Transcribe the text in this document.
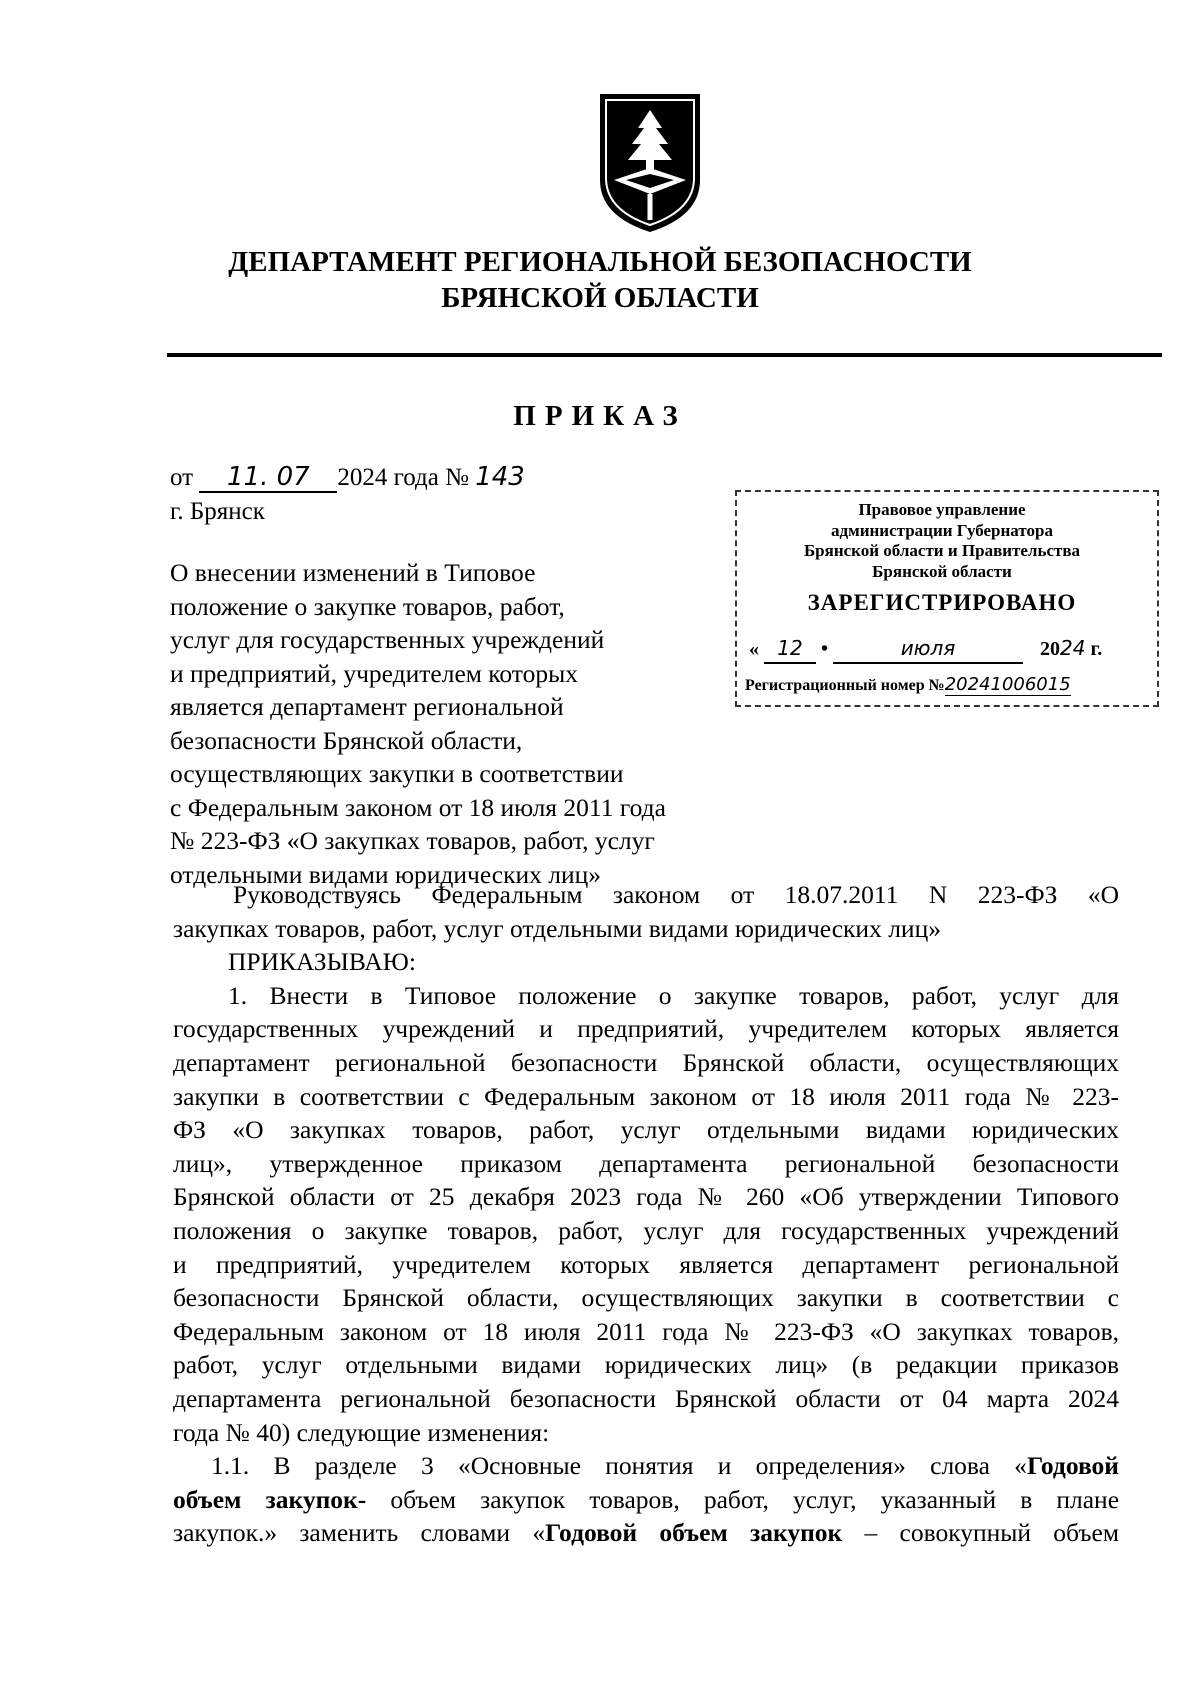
ДЕПАРТАМЕНТ РЕГИОНАЛЬНОЙ БЕЗОПАСНОСТИ
БРЯНСКОЙ ОБЛАСТИ
ПРИКАЗ
от 11. 07 2024 года № 143
г. Брянск
О внесении изменений в Типовое
положение о закупке товаров, работ,
услуг для государственных учреждений
и предприятий, учредителем которых
является департамент региональной
безопасности Брянской области,
осуществляющих закупки в соответствии
с Федеральным законом от 18 июля 2011 года
№ 223-ФЗ «О закупках товаров, работ, услуг
отдельными видами юридических лиц»
Правовое управление
администрации Губернатора
Брянской области и Правительства
Брянской области
ЗАРЕГИСТРИРОВАНО
« 12 •	июля	2024 г.
Регистрационный номер №20241006015
Руководствуясь Федеральным законом от 18.07.2011 N 223-ФЗ «О
закупках товаров, работ, услуг отдельными видами юридических лиц»
ПРИКАЗЫВАЮ:
1. Внести в Типовое положение о закупке товаров, работ, услуг для
государственных учреждений и предприятий, учредителем которых является
департамент региональной безопасности Брянской области, осуществляющих
закупки в соответствии с Федеральным законом от 18 июля 2011 года № 223-
ФЗ «О закупках товаров, работ, услуг отдельными видами юридических
лиц», утвержденное приказом департамента региональной безопасности
Брянской области от 25 декабря 2023 года № 260 «Об утверждении Типового
положения о закупке товаров, работ, услуг для государственных учреждений
и предприятий, учредителем которых является департамент региональной
безопасности Брянской области, осуществляющих закупки в соответствии с
Федеральным законом от 18 июля 2011 года № 223-ФЗ «О закупках товаров,
работ, услуг отдельными видами юридических лиц» (в редакции приказов
департамента региональной безопасности Брянской области от 04 марта 2024
года № 40) следующие изменения:
1.1. В разделе 3 «Основные понятия и определения» слова «Годовой
объем закупок- объем закупок товаров, работ, услуг, указанный в плане
закупок.» заменить словами «Годовой объем закупок – совокупный объем
